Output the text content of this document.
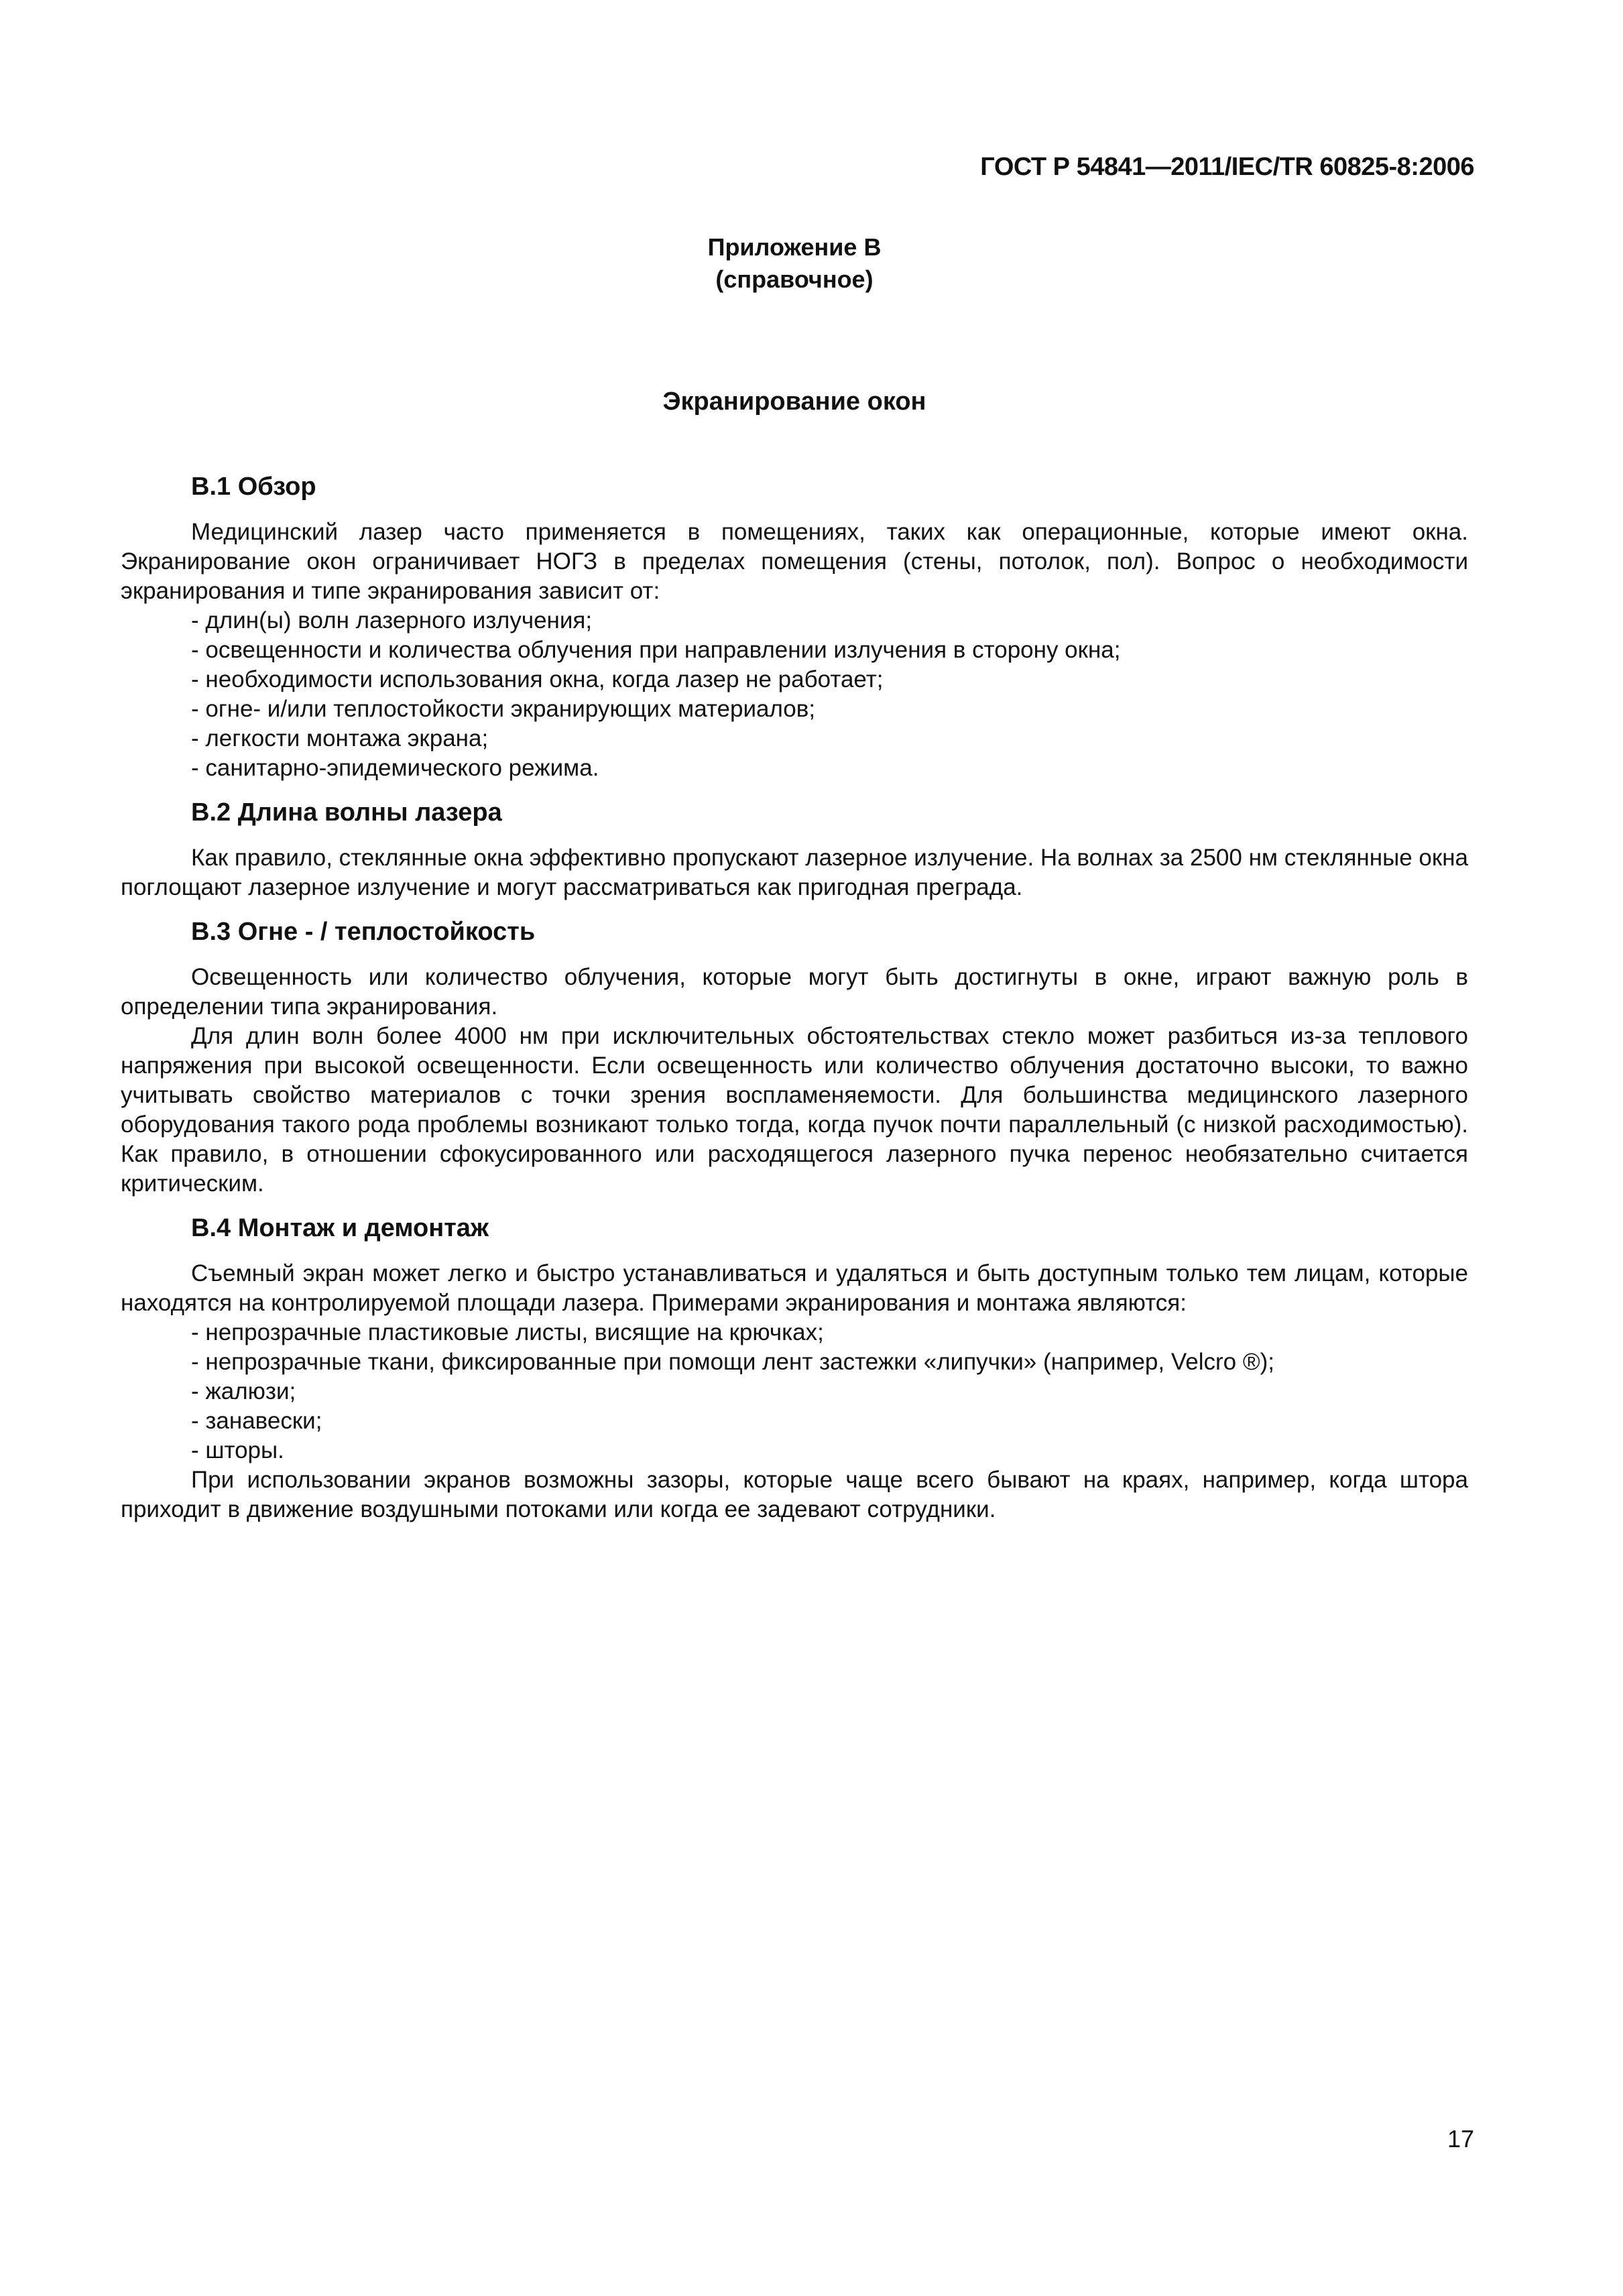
ГОСТ Р 54841—2011/IEC/TR 60825-8:2006
Приложение В
(справочное)
Экранирование окон
В.1 Обзор

Медицинский лазер часто применяется в помещениях, таких как операционные, которые имеют окна. Экранирование окон ограничивает НОГЗ в пределах помещения (стены, потолок, пол). Вопрос о необходимости экранирования и типе экранирования зависит от:

- длин(ы) волн лазерного излучения;
- освещенности и количества облучения при направлении излучения в сторону окна;
- необходимости использования окна, когда лазер не работает;
- огне- и/или теплостойкости экранирующих материалов;
- легкости монтажа экрана;
- санитарно-эпидемического режима.
В.2 Длина волны лазера

Как правило, стеклянные окна эффективно пропускают лазерное излучение. На волнах за 2500 нм стеклянные окна поглощают лазерное излучение и могут рассматриваться как пригодная преграда.

В.3 Огне - / теплостойкость

Освещенность или количество облучения, которые могут быть достигнуты в окне, играют важную роль в определении типа экранирования.

Для длин волн более 4000 нм при исключительных обстоятельствах стекло может разбиться из-за теплового напряжения при высокой освещенности. Если освещенность или количество облучения достаточно высоки, то важно учитывать свойство материалов с точки зрения воспламеняемости. Для большинства медицинского лазерного оборудования такого рода проблемы возникают только тогда, когда пучок почти параллельный (с низкой расходимостью). Как правило, в отношении сфокусированного или расходящегося лазерного пучка перенос необязательно считается критическим.

В.4 Монтаж и демонтаж

Съемный экран может легко и быстро устанавливаться и удаляться и быть доступным только тем лицам, которые находятся на контролируемой площади лазера. Примерами экранирования и монтажа являются:

- непрозрачные пластиковые листы, висящие на крючках;
- непрозрачные ткани, фиксированные при помощи лент застежки «липучки» (например, Velcro ®);
- жалюзи;
- занавески;
- шторы.

При использовании экранов возможны зазоры, которые чаще всего бывают на краях, например, когда штора приходит в движение воздушными потоками или когда ее задевают сотрудники.

17
